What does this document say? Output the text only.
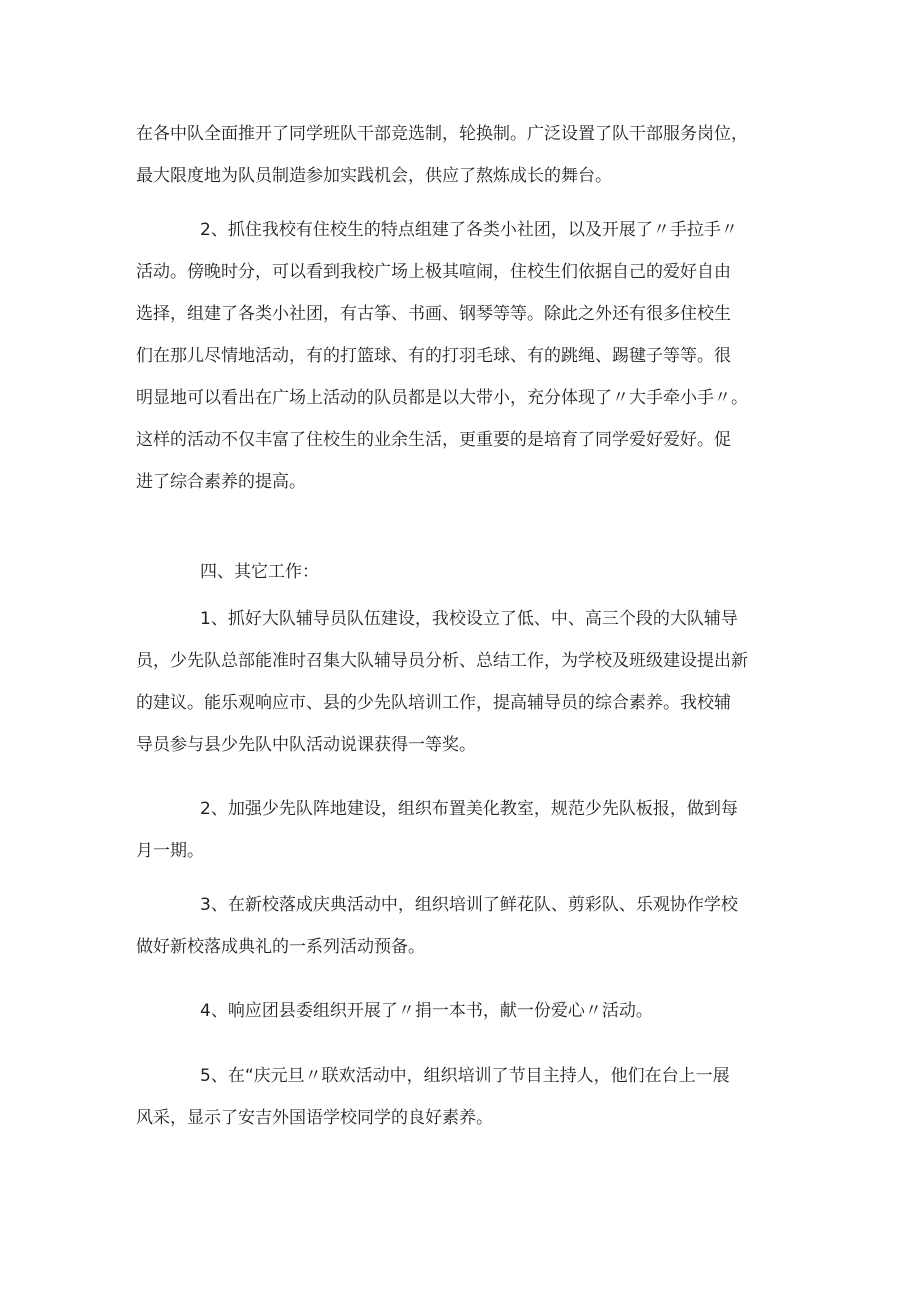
在各中队全面推开了同学班队干部竞选制，轮换制。广泛设置了队干部服务岗位，
最大限度地为队员制造参加实践机会，供应了熬炼成长的舞台。
2、抓住我校有住校生的特点组建了各类小社团，以及开展了〃手拉手〃
活动。傍晚时分，可以看到我校广场上极其喧闹，住校生们依据自己的爱好自由
选择，组建了各类小社团，有古筝、书画、钢琴等等。除此之外还有很多住校生
们在那儿尽情地活动，有的打篮球、有的打羽毛球、有的跳绳、踢毽子等等。很
明显地可以看出在广场上活动的队员都是以大带小，充分体现了〃大手牵小手〃。
这样的活动不仅丰富了住校生的业余生活，更重要的是培育了同学爱好爱好。促
进了综合素养的提高。
四、其它工作：
1、抓好大队辅导员队伍建设，我校设立了低、中、高三个段的大队辅导
员，少先队总部能准时召集大队辅导员分析、总结工作，为学校及班级建设提出新
的建议。能乐观响应市、县的少先队培训工作，提高辅导员的综合素养。我校辅
导员参与县少先队中队活动说课获得一等奖。
2、加强少先队阵地建设，组织布置美化教室，规范少先队板报，做到每
月一期。
3、在新校落成庆典活动中，组织培训了鲜花队、剪彩队、乐观协作学校
做好新校落成典礼的一系列活动预备。
4、响应团县委组织开展了〃捐一本书，献一份爱心〃活动。
5、在“庆元旦〃联欢活动中，组织培训了节目主持人，他们在台上一展
风采，显示了安吉外国语学校同学的良好素养。
